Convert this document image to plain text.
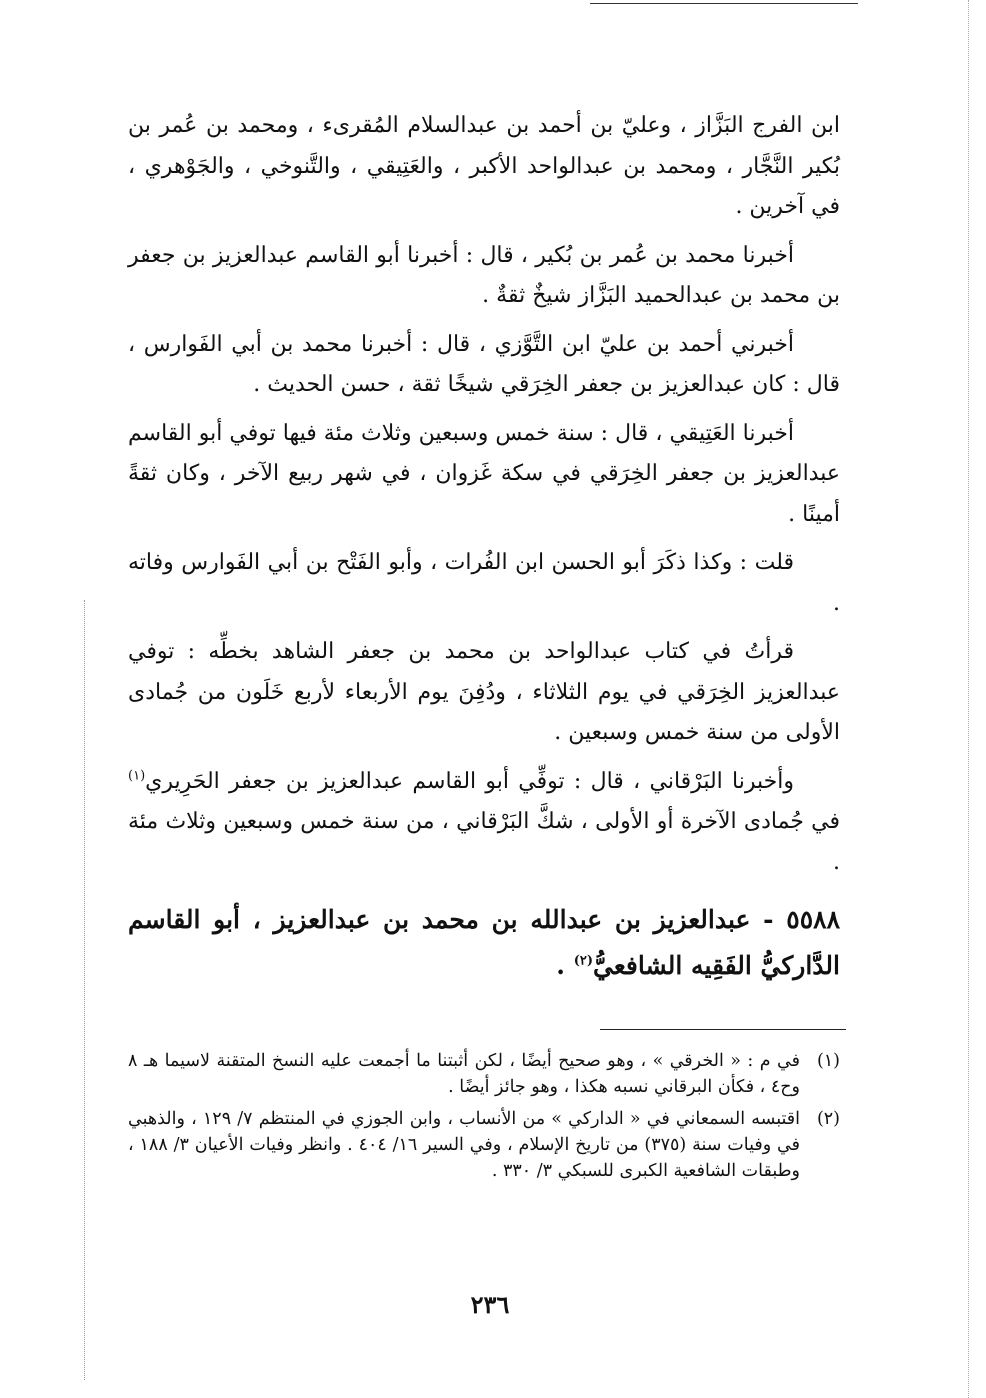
ابن الفرج البَزَّاز ، وعليّ بن أحمد بن عبدالسلام المُقرىء ، ومحمد بن عُمر بن بُكير النَّجَّار ، ومحمد بن عبدالواحد الأكبر ، والعَتِيقي ، والتَّنوخي ، والجَوْهري ، في آخرين .

أخبرنا محمد بن عُمر بن بُكير ، قال : أخبرنا أبو القاسم عبدالعزيز بن جعفر بن محمد بن عبدالحميد البَزَّاز شيخٌ ثقةٌ .

أخبرني أحمد بن عليّ ابن التَّوَّزي ، قال : أخبرنا محمد بن أبي الفَوارس ، قال : كان عبدالعزيز بن جعفر الخِرَقي شيخًا ثقة ، حسن الحديث .

أخبرنا العَتِيقي ، قال : سنة خمس وسبعين وثلاث مئة فيها توفي أبو القاسم عبدالعزيز بن جعفر الخِرَقي في سكة غَزوان ، في شهر ربيع الآخر ، وكان ثقةً أمينًا .

قلت : وكذا ذكَرَ أبو الحسن ابن الفُرات ، وأبو الفَتْح بن أبي الفَوارس وفاته .

قرأتُ في كتاب عبدالواحد بن محمد بن جعفر الشاهد بخطِّه : توفي عبدالعزيز الخِرَقي في يوم الثلاثاء ، ودُفِنَ يوم الأربعاء لأربع خَلَون من جُمادى الأولى من سنة خمس وسبعين .

وأخبرنا البَرْقاني ، قال : توفِّي أبو القاسم عبدالعزيز بن جعفر الحَرِيري$^{(١)}$ في جُمادى الآخرة أو الأولى ، شكَّ البَرْقاني ، من سنة خمس وسبعين وثلاث مئة .

٥٥٨٨ - عبدالعزيز بن عبدالله بن محمد بن عبدالعزيز ، أبو القاسم الدَّاركيُّ الفَقِيه الشافعيُّ$^{(٢)}$ .

(١)
في م : « الخرقي » ، وهو صحيح أيضًا ، لكن أثبتنا ما أجمعت عليه النسخ المتقنة لاسيما هـ ٨ وح٤ ، فكأن البرقاني نسبه هكذا ، وهو جائز أيضًا .
(٢)
اقتبسه السمعاني في « الداركي » من الأنساب ، وابن الجوزي في المنتظم ٧/ ١٢٩ ، والذهبي في وفيات سنة (٣٧٥) من تاريخ الإسلام ، وفي السير ١٦/ ٤٠٤ . وانظر وفيات الأعيان ٣/ ١٨٨ ، وطبقات الشافعية الكبرى للسبكي ٣/ ٣٣٠ .
٢٣٦
